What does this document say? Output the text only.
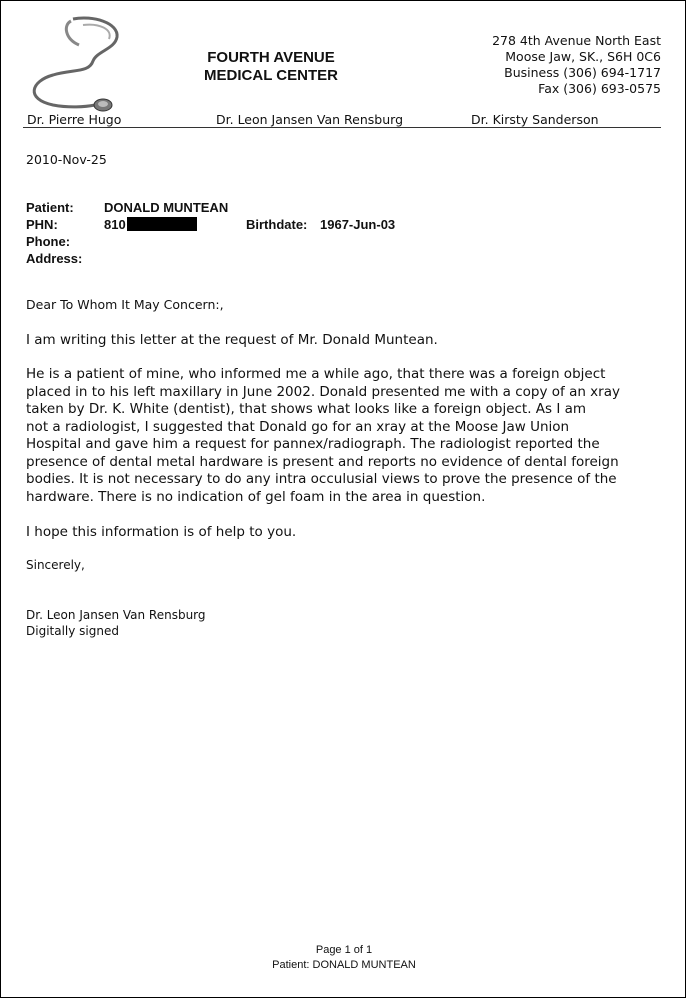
FOURTH AVENUE
MEDICAL CENTER
278 4th Avenue North East
Moose Jaw, SK., S6H 0C6
Business (306) 694-1717
Fax (306) 693-0575
Dr. Pierre Hugo	Dr. Leon Jansen Van Rensburg	Dr. Kirsty Sanderson
2010-Nov-25
Patient: DONALD MUNTEAN
PHN:	810	Birthdate: 1967-Jun-03
Phone:
Address:
Dear To Whom It May Concern:,
I am writing this letter at the request of Mr. Donald Muntean.
He is a patient of mine, who informed me a while ago, that there was a foreign object
placed in to his left maxillary in June 2002. Donald presented me with a copy of an xray
taken by Dr. K. White (dentist), that shows what looks like a foreign object. As I am
not a radiologist, I suggested that Donald go for an xray at the Moose Jaw Union
Hospital and gave him a request for pannex/radiograph. The radiologist reported the
presence of dental metal hardware is present and reports no evidence of dental foreign
bodies. It is not necessary to do any intra occulusial views to prove the presence of the
hardware. There is no indication of gel foam in the area in question.
I hope this information is of help to you.
Sincerely,
Dr. Leon Jansen Van Rensburg
Digitally signed
Page 1 of 1
Patient: DONALD MUNTEAN
